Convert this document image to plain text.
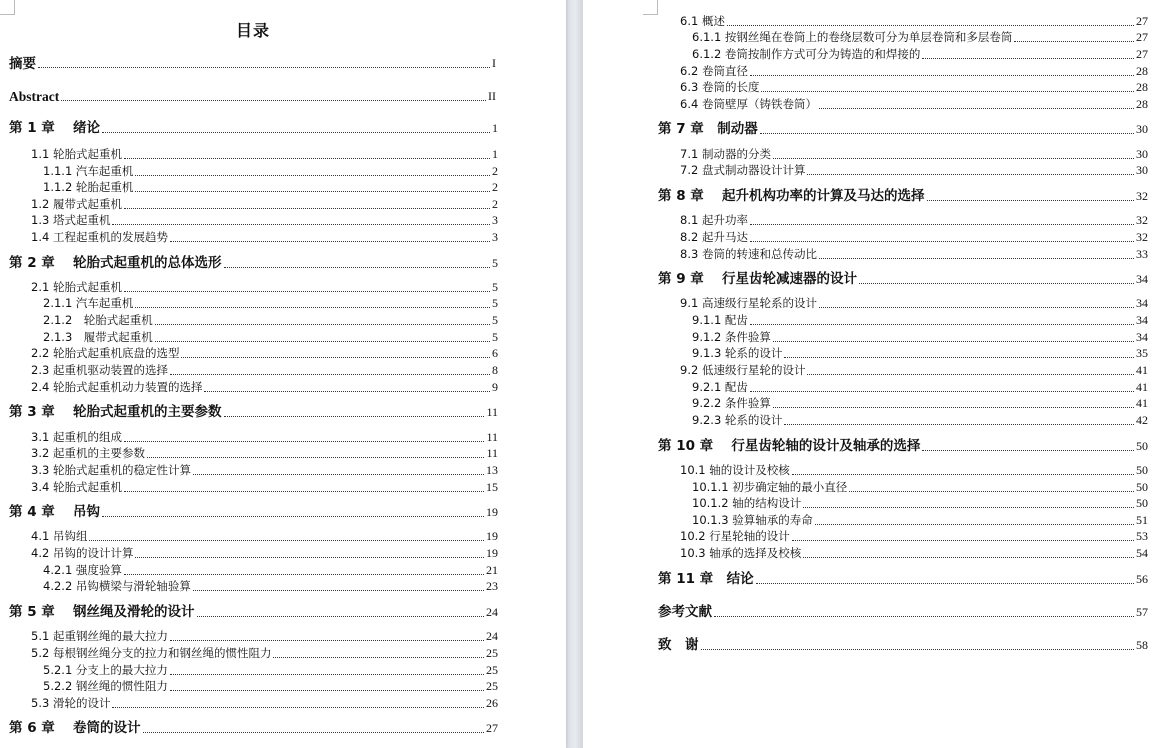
目录
摘要	I
Abstract	II
第 1 章　 绪论	1
1.1 轮胎式起重机	1
1.1.1 汽车起重机	2
1.1.2 轮胎起重机	2
1.2 履带式起重机	2
1.3 塔式起重机	3
1.4 工程起重机的发展趋势	3
第 2 章　 轮胎式起重机的总体选形	5
2.1 轮胎式起重机	5
2.1.1 汽车起重机	5
2.1.2　轮胎式起重机	5
2.1.3　履带式起重机	5
2.2 轮胎式起重机底盘的选型	6
2.3 起重机驱动装置的选择	8
2.4 轮胎式起重机动力装置的选择	9
第 3 章　 轮胎式起重机的主要参数	11
3.1 起重机的组成	11
3.2 起重机的主要参数	11
3.3 轮胎式起重机的稳定性计算	13
3.4 轮胎式起重机	15
第 4 章　 吊钩	19
4.1 吊钩组	19
4.2 吊钩的设计计算	19
4.2.1 强度验算	21
4.2.2 吊钩横梁与滑轮轴验算	23
第 5 章　 钢丝绳及滑轮的设计	24
5.1 起重钢丝绳的最大拉力	24
5.2 每根钢丝绳分支的拉力和钢丝绳的惯性阻力	25
5.2.1 分支上的最大拉力	25
5.2.2 钢丝绳的惯性阻力	25
5.3 滑轮的设计	26
第 6 章　 卷筒的设计	27
6.1 概述	27
6.1.1 按钢丝绳在卷筒上的卷绕层数可分为单层卷筒和多层卷筒	27
6.1.2 卷筒按制作方式可分为铸造的和焊接的	27
6.2 卷筒直径	28
6.3 卷筒的长度	28
6.4 卷筒壁厚（铸铁卷筒）	28
第 7 章　制动器	30
7.1 制动器的分类	30
7.2 盘式制动器设计计算	30
第 8 章　 起升机构功率的计算及马达的选择	32
8.1 起升功率	32
8.2 起升马达	32
8.3 卷筒的转速和总传动比	33
第 9 章　 行星齿轮减速器的设计	34
9.1 高速级行星轮系的设计	34
9.1.1 配齿	34
9.1.2 条件验算	34
9.1.3 轮系的设计	35
9.2 低速级行星轮的设计	41
9.2.1 配齿	41
9.2.2 条件验算	41
9.2.3 轮系的设计	42
第 10 章　 行星齿轮轴的设计及轴承的选择	50
10.1 轴的设计及校核	50
10.1.1 初步确定轴的最小直径	50
10.1.2 轴的结构设计	50
10.1.3 验算轴承的寿命	51
10.2 行星轮轴的设计	53
10.3 轴承的选择及校核	54
第 11 章　结论	56
参考文献	57
致　谢	58
